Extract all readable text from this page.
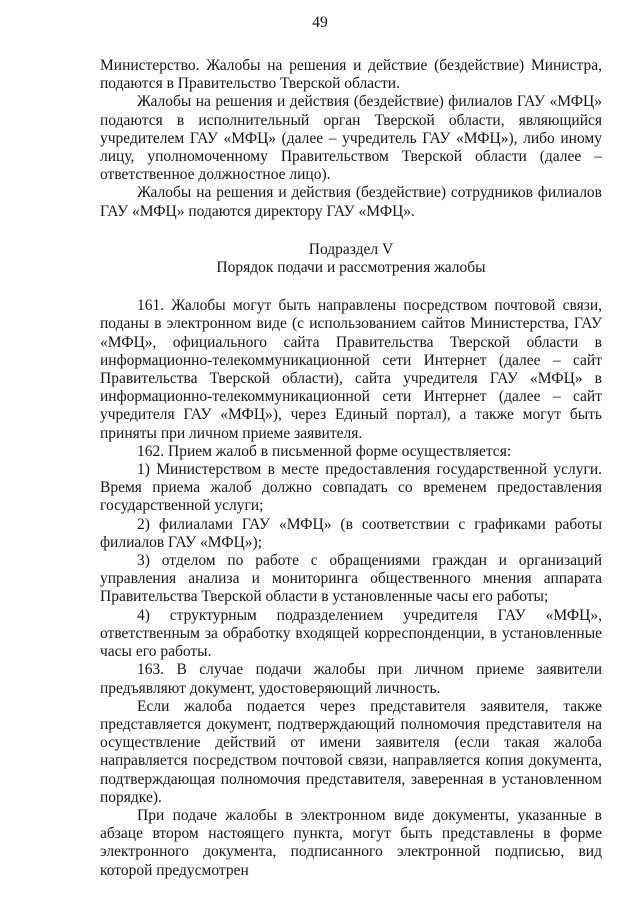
49

Министерство. Жалобы на решения и действие (бездействие) Министра, подаются в Правительство Тверской области.

Жалобы на решения и действия (бездействие) филиалов ГАУ «МФЦ» подаются в исполнительный орган Тверской области, являющийся учредителем ГАУ «МФЦ» (далее – учредитель ГАУ «МФЦ»), либо иному лицу, уполномоченному Правительством Тверской области (далее – ответственное должностное лицо).

Жалобы на решения и действия (бездействие) сотрудников филиалов ГАУ «МФЦ» подаются директору ГАУ «МФЦ».

Подраздел V

Порядок подачи и рассмотрения жалобы

161. Жалобы могут быть направлены посредством почтовой связи, поданы в электронном виде (с использованием сайтов Министерства, ГАУ «МФЦ», официального сайта Правительства Тверской области в информационно-телекоммуникационной сети Интернет (далее – сайт Правительства Тверской области), сайта учредителя ГАУ «МФЦ» в информационно-телекоммуникационной сети Интернет (далее – сайт учредителя ГАУ «МФЦ»), через Единый портал), а также могут быть приняты при личном приеме заявителя.

162. Прием жалоб в письменной форме осуществляется:

1) Министерством в месте предоставления государственной услуги. Время приема жалоб должно совпадать со временем предоставления государственной услуги;

2) филиалами ГАУ «МФЦ» (в соответствии с графиками работы филиалов ГАУ «МФЦ»);

3) отделом по работе с обращениями граждан и организаций управления анализа и мониторинга общественного мнения аппарата Правительства Тверской области в установленные часы его работы;

4) структурным подразделением учредителя ГАУ «МФЦ», ответственным за обработку входящей корреспонденции, в установленные часы его работы.

163. В случае подачи жалобы при личном приеме заявители предъявляют документ, удостоверяющий личность.

Если жалоба подается через представителя заявителя, также представляется документ, подтверждающий полномочия представителя на осуществление действий от имени заявителя (если такая жалоба направляется посредством почтовой связи, направляется копия документа, подтверждающая полномочия представителя, заверенная в установленном порядке).

При подаче жалобы в электронном виде документы, указанные в абзаце втором настоящего пункта, могут быть представлены в форме электронного документа, подписанного электронной подписью, вид которой предусмотрен
